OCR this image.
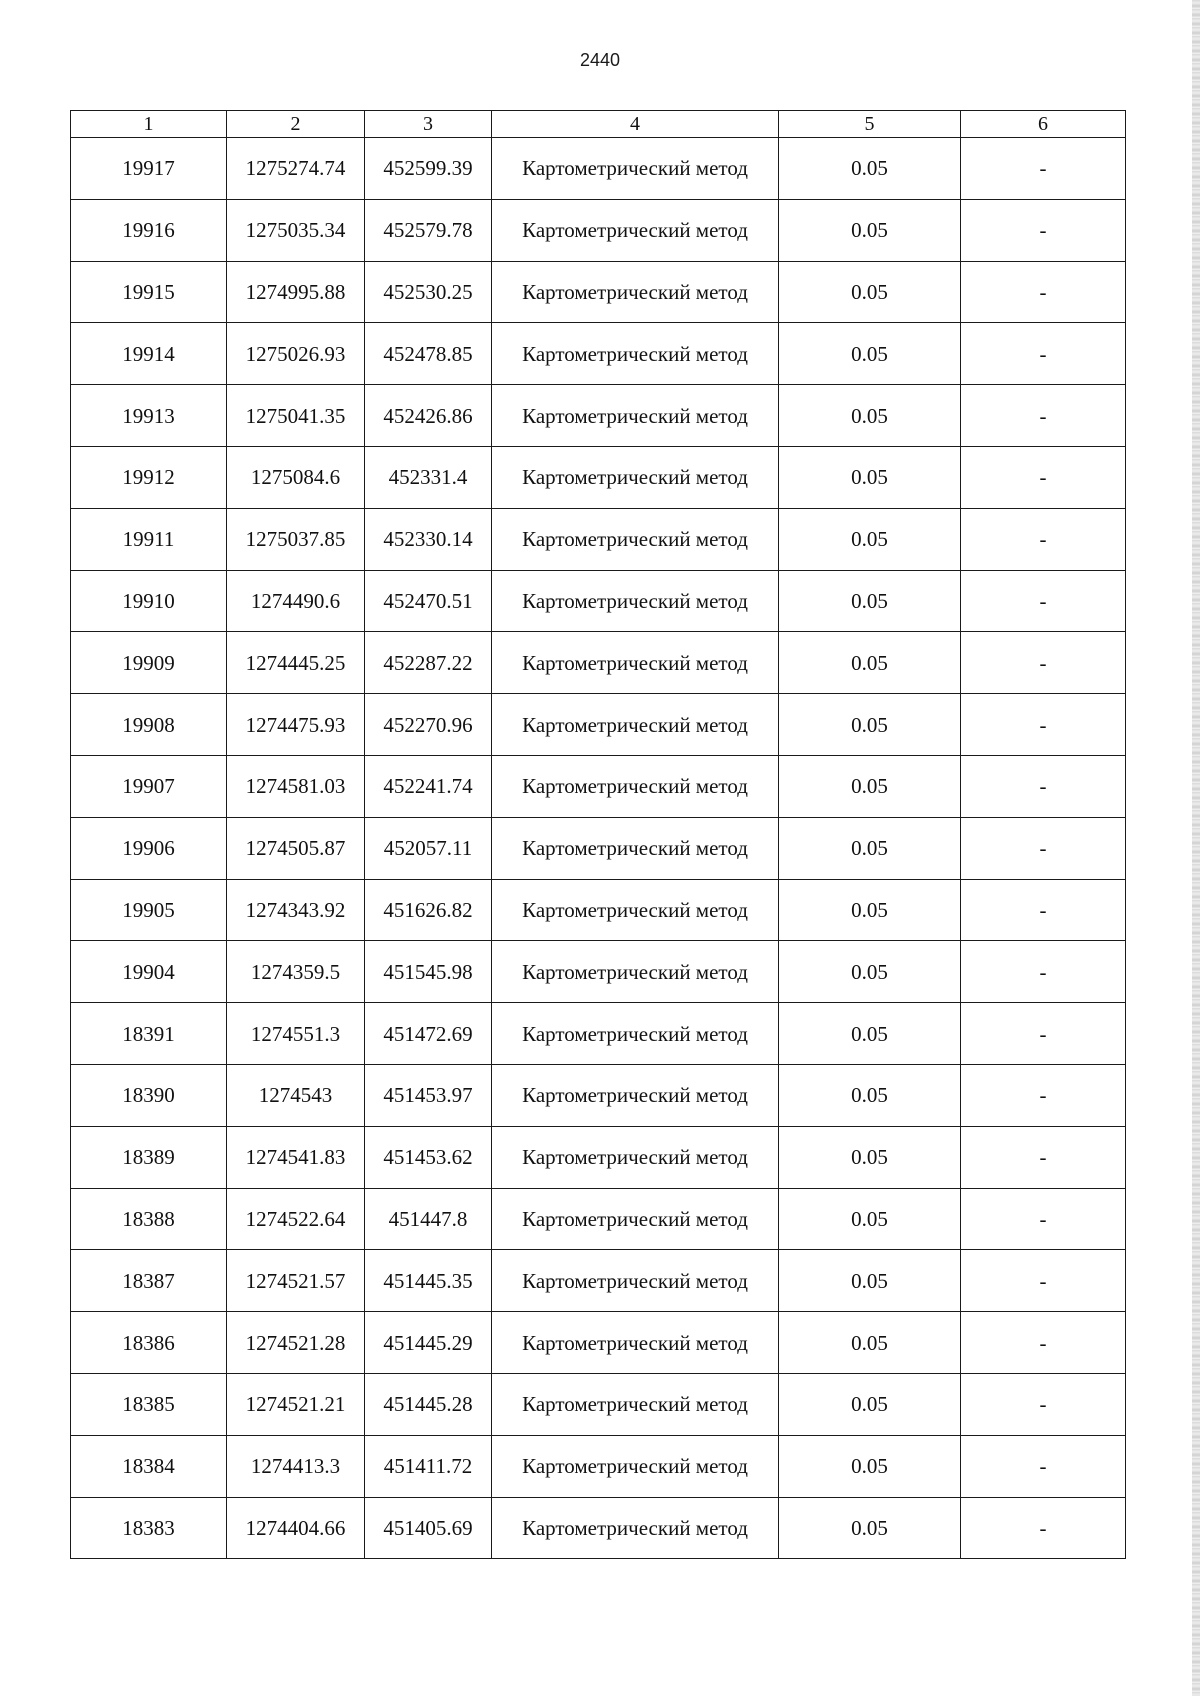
2440
1	2	3	4	5	6
19917	1275274.74	452599.39	Картометрический метод	0.05	-
19916	1275035.34	452579.78	Картометрический метод	0.05	-
19915	1274995.88	452530.25	Картометрический метод	0.05	-
19914	1275026.93	452478.85	Картометрический метод	0.05	-
19913	1275041.35	452426.86	Картометрический метод	0.05	-
19912	1275084.6	452331.4	Картометрический метод	0.05	-
19911	1275037.85	452330.14	Картометрический метод	0.05	-
19910	1274490.6	452470.51	Картометрический метод	0.05	-
19909	1274445.25	452287.22	Картометрический метод	0.05	-
19908	1274475.93	452270.96	Картометрический метод	0.05	-
19907	1274581.03	452241.74	Картометрический метод	0.05	-
19906	1274505.87	452057.11	Картометрический метод	0.05	-
19905	1274343.92	451626.82	Картометрический метод	0.05	-
19904	1274359.5	451545.98	Картометрический метод	0.05	-
18391	1274551.3	451472.69	Картометрический метод	0.05	-
18390	1274543	451453.97	Картометрический метод	0.05	-
18389	1274541.83	451453.62	Картометрический метод	0.05	-
18388	1274522.64	451447.8	Картометрический метод	0.05	-
18387	1274521.57	451445.35	Картометрический метод	0.05	-
18386	1274521.28	451445.29	Картометрический метод	0.05	-
18385	1274521.21	451445.28	Картометрический метод	0.05	-
18384	1274413.3	451411.72	Картометрический метод	0.05	-
18383	1274404.66	451405.69	Картометрический метод	0.05	-
